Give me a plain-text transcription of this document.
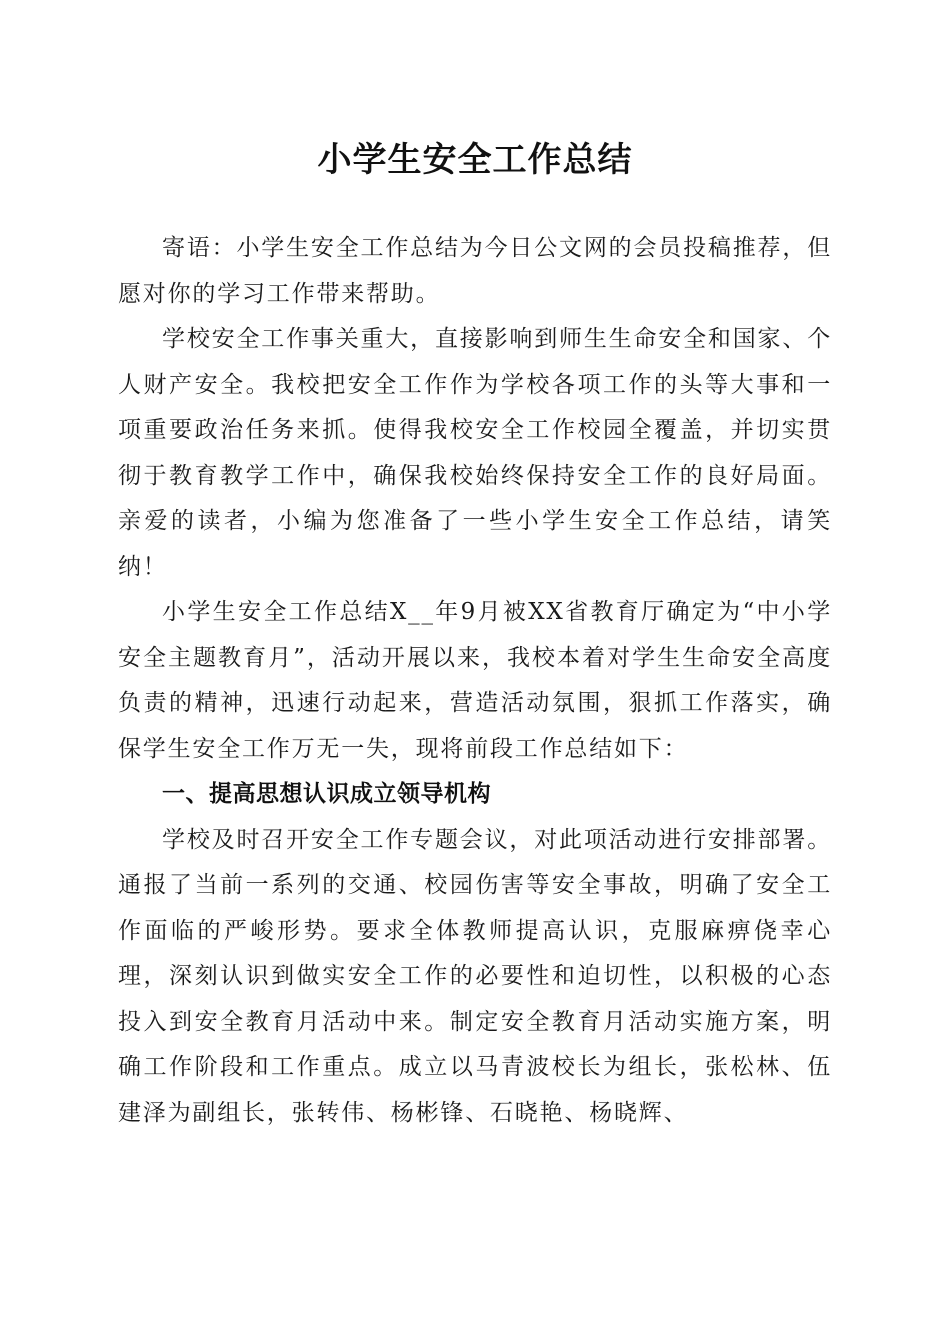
小学生安全工作总结

寄语：小学生安全工作总结为今日公文网的会员投稿推荐，但愿对你的学习工作带来帮助。

学校安全工作事关重大，直接影响到师生生命安全和国家、个人财产安全。我校把安全工作作为学校各项工作的头等大事和一项重要政治任务来抓。使得我校安全工作校园全覆盖，并切实贯彻于教育教学工作中，确保我校始终保持安全工作的良好局面。亲爱的读者，小编为您准备了一些小学生安全工作总结，请笑纳！

小学生安全工作总结X__年9月被XX省教育厅确定为“中小学安全主题教育月”，活动开展以来，我校本着对学生生命安全高度负责的精神，迅速行动起来，营造活动氛围，狠抓工作落实，确保学生安全工作万无一失，现将前段工作总结如下：

一、提高思想认识成立领导机构

学校及时召开安全工作专题会议，对此项活动进行安排部署。通报了当前一系列的交通、校园伤害等安全事故，明确了安全工作面临的严峻形势。要求全体教师提高认识，克服麻痹侥幸心理，深刻认识到做实安全工作的必要性和迫切性，以积极的心态投入到安全教育月活动中来。制定安全教育月活动实施方案，明确工作阶段和工作重点。成立以马青波校长为组长，张松林、伍建泽为副组长，张转伟、杨彬锋、石晓艳、杨晓辉、
